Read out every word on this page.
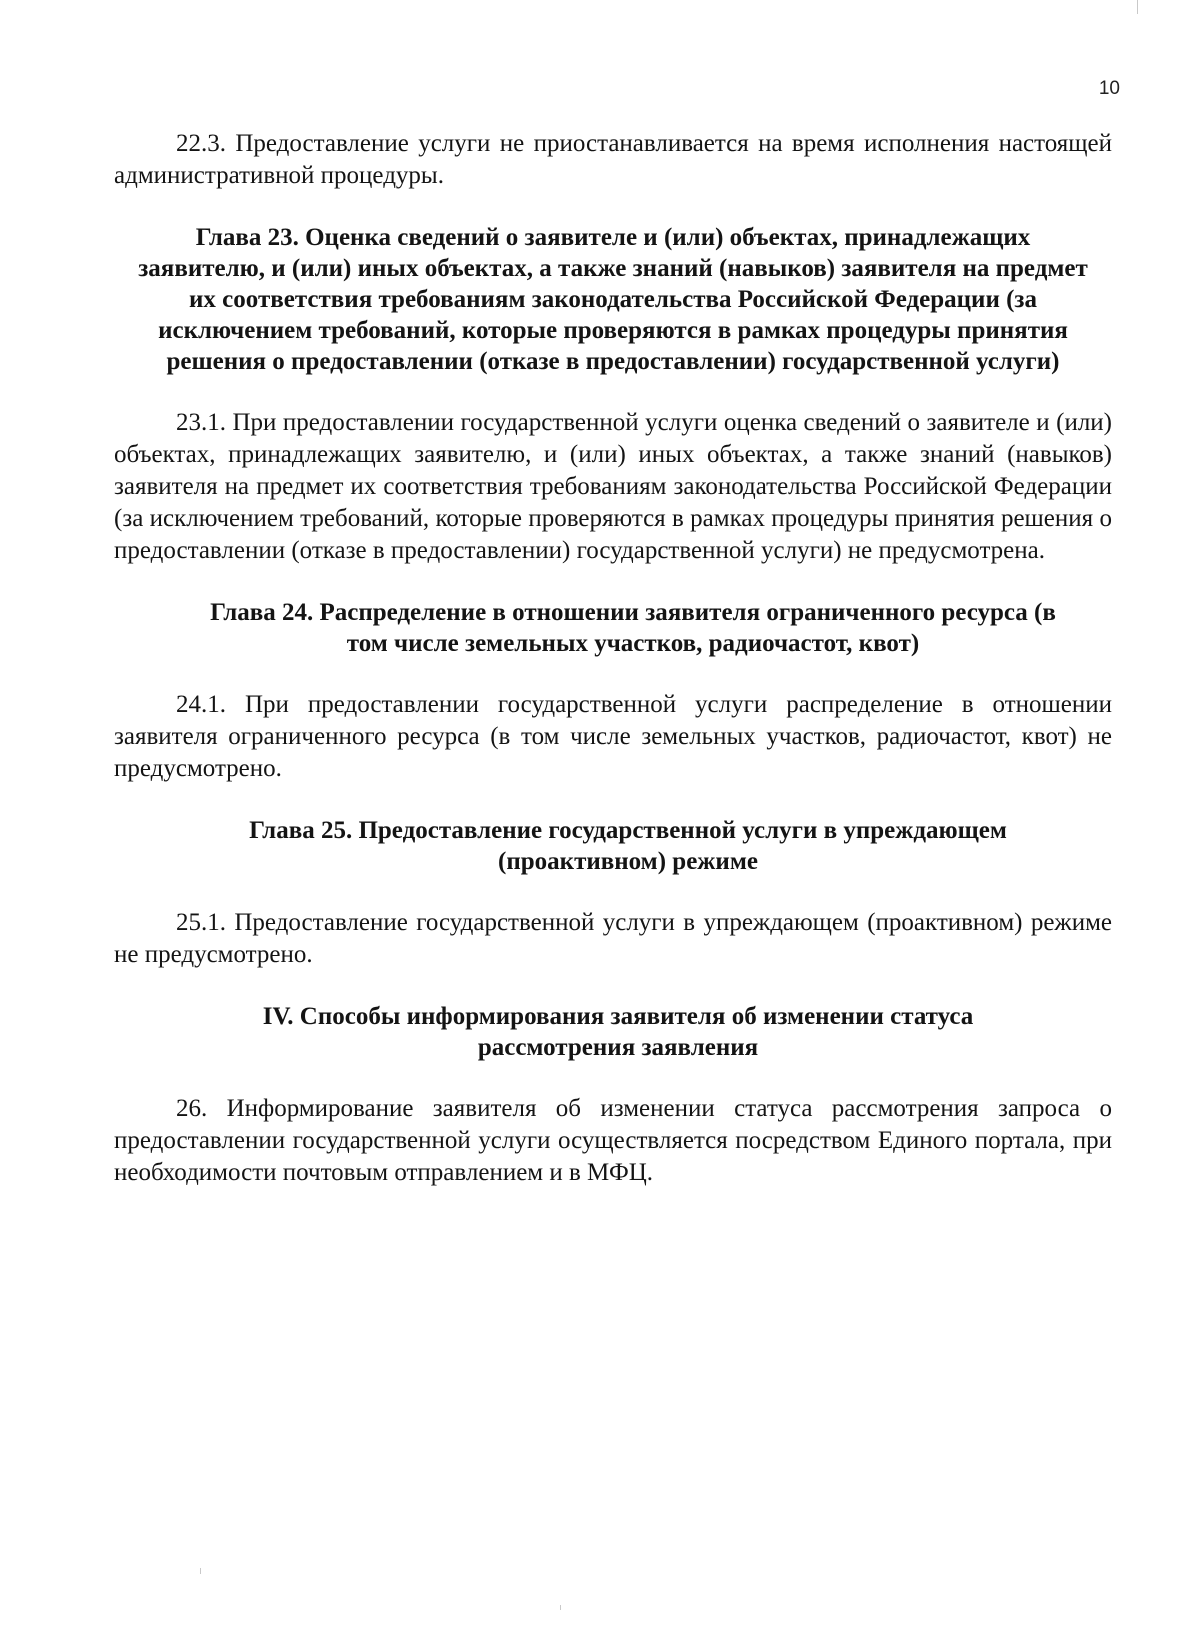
10

22.3. Предоставление услуги не приостанавливается на время исполнения настоящей административной процедуры.

Глава 23. Оценка сведений о заявителе и (или) объектах, принадлежащих заявителю, и (или) иных объектах, а также знаний (навыков) заявителя на предмет их соответствия требованиям законодательства Российской Федерации (за исключением требований, которые проверяются в рамках процедуры принятия решения о предоставлении (отказе в предоставлении) государственной услуги)

23.1. При предоставлении государственной услуги оценка сведений о заявителе и (или) объектах, принадлежащих заявителю, и (или) иных объектах, а также знаний (навыков) заявителя на предмет их соответствия требованиям законодательства Российской Федерации (за исключением требований, которые проверяются в рамках процедуры принятия решения о предоставлении (отказе в предоставлении) государственной услуги) не предусмотрена.

Глава 24. Распределение в отношении заявителя ограниченного ресурса (в том числе земельных участков, радиочастот, квот)

24.1. При предоставлении государственной услуги распределение в отношении заявителя ограниченного ресурса (в том числе земельных участков, радиочастот, квот) не предусмотрено.

Глава 25. Предоставление государственной услуги в упреждающем (проактивном) режиме

25.1. Предоставление государственной услуги в упреждающем (проактивном) режиме не предусмотрено.

IV. Способы информирования заявителя об изменении статуса рассмотрения заявления

26. Информирование заявителя об изменении статуса рассмотрения запроса о предоставлении государственной услуги осуществляется посредством Единого портала, при необходимости почтовым отправлением и в МФЦ.
